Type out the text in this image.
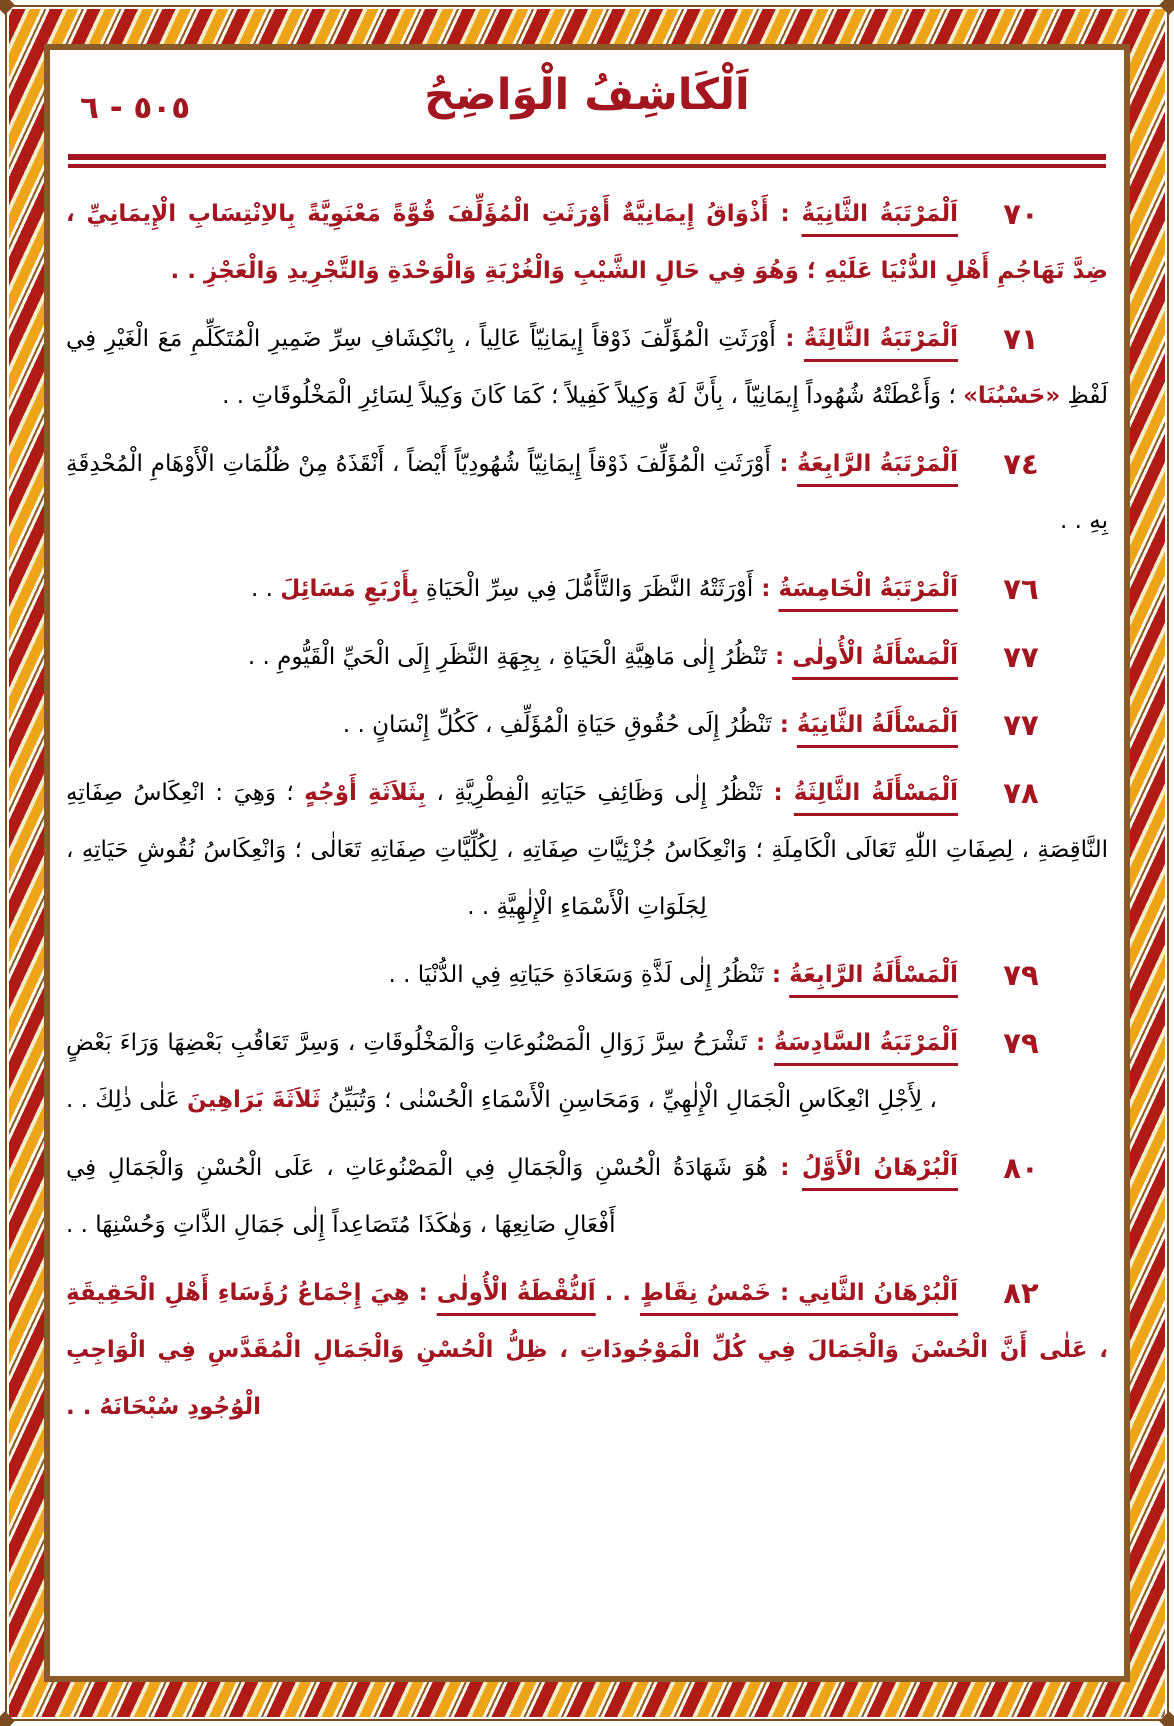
٥٠٥ - ٦	اَلْكَاشِفُ الْوَاضِحُ
٧٠
اَلْمَرْتَبَةُ الثَّانِيَةُ : أَذْوَاقُ إِيمَانِيَّةٌ أَوْرَثَتِ الْمُؤَلِّفَ قُوَّةً مَعْنَوِيَّةً بِالاِنْتِسَابِ الْإِيمَانِيِّ ، ضِدَّ تَهَاجُمِ أَهْلِ الدُّنْيَا عَلَيْهِ ؛ وَهُوَ فِي حَالِ الشَّيْبِ وَالْغُرْبَةِ وَالْوَحْدَةِ وَالتَّجْرِيدِ وَالْعَجْزِ . .
٧١
اَلْمَرْتَبَةُ الثَّالِثَةُ : أَوْرَثَتِ الْمُؤَلِّفَ ذَوْقاً إِيمَانِيّاً عَالِياً ، بِانْكِشَافِ سِرِّ ضَمِيرِ الْمُتَكَلِّمِ مَعَ الْغَيْرِ فِي لَفْظِ «حَسْبُنَا» ؛ وَأَعْطَتْهُ شُهُوداً إِيمَانِيّاً ، بِأَنَّ لَهُ وَكِيلاً كَفِيلاً ؛ كَمَا كَانَ وَكِيلاً لِسَائِرِ الْمَخْلُوقَاتِ . .
٧٤
اَلْمَرْتَبَةُ الرَّابِعَةُ : أَوْرَثَتِ الْمُؤَلِّفَ ذَوْقاً إِيمَانِيّاً شُهُودِيّاً أَيْضاً ، أَنْقَذَهُ مِنْ ظُلُمَاتِ الْأَوْهَامِ الْمُحْدِقَةِ بِهِ . .
٧٦
اَلْمَرْتَبَةُ الْخَامِسَةُ : أَوْرَثَتْهُ النَّظَرَ وَالتَّأَمُّلَ فِي سِرِّ الْحَيَاةِ بِأَرْبَعِ مَسَائِلَ . .
٧٧
اَلْمَسْأَلَةُ الْأُولٰى : تَنْظُرُ إِلٰى مَاهِيَّةِ الْحَيَاةِ ، بِجِهَةِ النَّظَرِ إِلَى الْحَيِّ الْقَيُّومِ . .
٧٧
اَلْمَسْأَلَةُ الثَّانِيَةُ : تَنْظُرُ إِلَى حُقُوقِ حَيَاةِ الْمُؤَلِّفِ ، كَكُلِّ إِنْسَانٍ . .
٧٨
اَلْمَسْأَلَةُ الثَّالِثَةُ : تَنْظُرُ إِلٰى وَظَائِفِ حَيَاتِهِ الْفِطْرِيَّةِ ، بِثَلاَثَةِ أَوْجُهٍ ؛ وَهِيَ : انْعِكَاسُ صِفَاتِهِ النَّاقِصَةِ ، لِصِفَاتِ اللّٰهِ تَعَالَى الْكَامِلَةِ ؛ وَانْعِكَاسُ جُزْئِيَّاتِ صِفَاتِهِ ، لِكُلِّيَّاتِ صِفَاتِهِ تَعَالٰى ؛ وَانْعِكَاسُ نُقُوشِ حَيَاتِهِ ، لِجَلَوَاتِ الْأَسْمَاءِ الْإِلٰهِيَّةِ . .
٧٩
اَلْمَسْأَلَةُ الرَّابِعَةُ : تَنْظُرُ إِلٰى لَذَّةِ وَسَعَادَةِ حَيَاتِهِ فِي الدُّنْيَا . .
٧٩
اَلْمَرْتَبَةُ السَّادِسَةُ : تَشْرَحُ سِرَّ زَوَالِ الْمَصْنُوعَاتِ وَالْمَخْلُوقَاتِ ، وَسِرَّ تَعَاقُبِ بَعْضِهَا وَرَاءَ بَعْضٍ ، لِأَجْلِ انْعِكَاسِ الْجَمَالِ الْإِلٰهِيِّ ، وَمَحَاسِنِ الْأَسْمَاءِ الْحُسْنٰى ؛ وَتُبَيِّنُ ثَلاَثَةَ بَرَاهِينَ عَلٰى ذٰلِكَ . .
٨٠
اَلْبُرْهَانُ الْأَوَّلُ : هُوَ شَهَادَةُ الْحُسْنِ وَالْجَمَالِ فِي الْمَصْنُوعَاتِ ، عَلَى الْحُسْنِ وَالْجَمَالِ فِي أَفْعَالِ صَانِعِهَا ، وَهٰكَذَا مُتَصَاعِداً إِلٰى جَمَالِ الذَّاتِ وَحُسْنِهَا . .
٨٢
اَلْبُرْهَانُ الثَّانِي : خَمْسُ نِقَاطٍ . . اَلنُّقْطَةُ الْأُولٰى : هِيَ إِجْمَاعُ رُؤَسَاءِ أَهْلِ الْحَقِيقَةِ ، عَلٰى أَنَّ الْحُسْنَ وَالْجَمَالَ فِي كُلِّ الْمَوْجُودَاتِ ، ظِلُّ الْحُسْنِ وَالْجَمَالِ الْمُقَدَّسِ فِي الْوَاجِبِ الْوُجُودِ سُبْحَانَهُ . .
